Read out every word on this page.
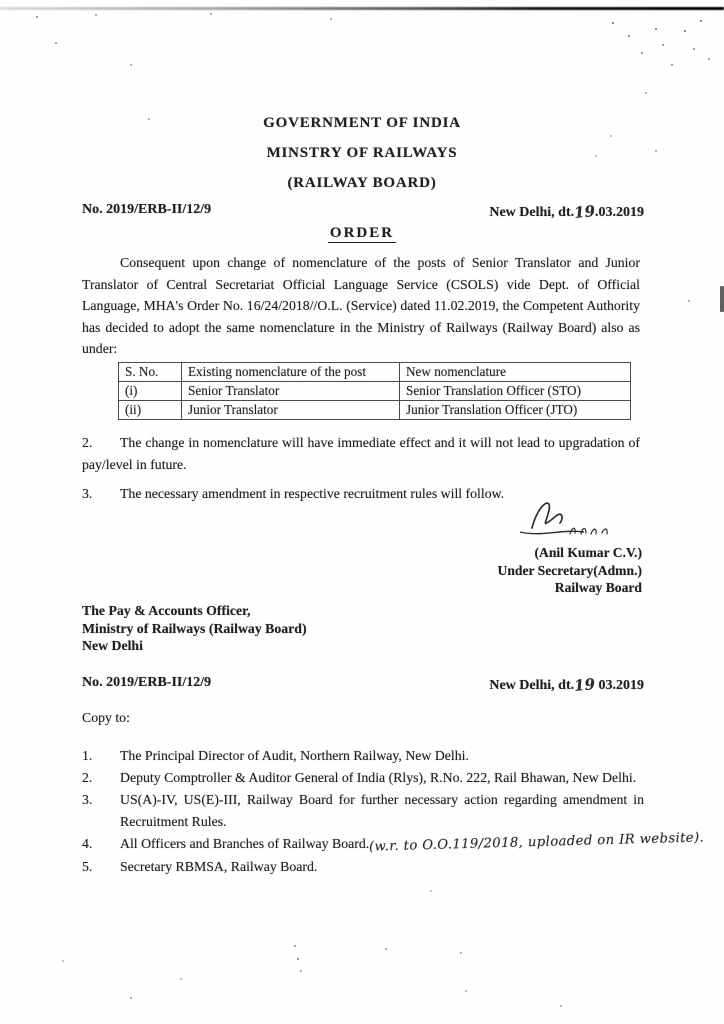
GOVERNMENT OF INDIA
MINSTRY OF RAILWAYS
(RAILWAY BOARD)
No. 2019/ERB-II/12/9	New Delhi, dt.19.03.2019
ORDER
Consequent upon change of nomenclature of the posts of Senior Translator and Junior Translator of Central Secretariat Official Language Service (CSOLS) vide Dept. of Official Language, MHA's Order No. 16/24/2018//O.L. (Service) dated 11.02.2019, the Competent Authority has decided to adopt the same nomenclature in the Ministry of Railways (Railway Board) also as under:
S. No.	Existing nomenclature of the post	New nomenclature
(i)	Senior Translator	Senior Translation Officer (STO)
(ii)	Junior Translator	Junior Translation Officer (JTO)
2. The change in nomenclature will have immediate effect and it will not lead to upgradation of pay/level in future.
3. The necessary amendment in respective recruitment rules will follow.
(Anil Kumar C.V.)
Under Secretary(Admn.)
Railway Board
The Pay & Accounts Officer,
Ministry of Railways (Railway Board)
New Delhi
No. 2019/ERB-II/12/9	New Delhi, dt.19 03.2019
Copy to:
1. The Principal Director of Audit, Northern Railway, New Delhi.
2. Deputy Comptroller & Auditor General of India (Rlys), R.No. 222, Rail Bhawan, New Delhi.
3. US(A)-IV, US(E)-III, Railway Board for further necessary action regarding amendment in Recruitment Rules.
4. All Officers and Branches of Railway Board.(w.r. to O.O.119/2018, uploaded on IR website).
5. Secretary RBMSA, Railway Board.
